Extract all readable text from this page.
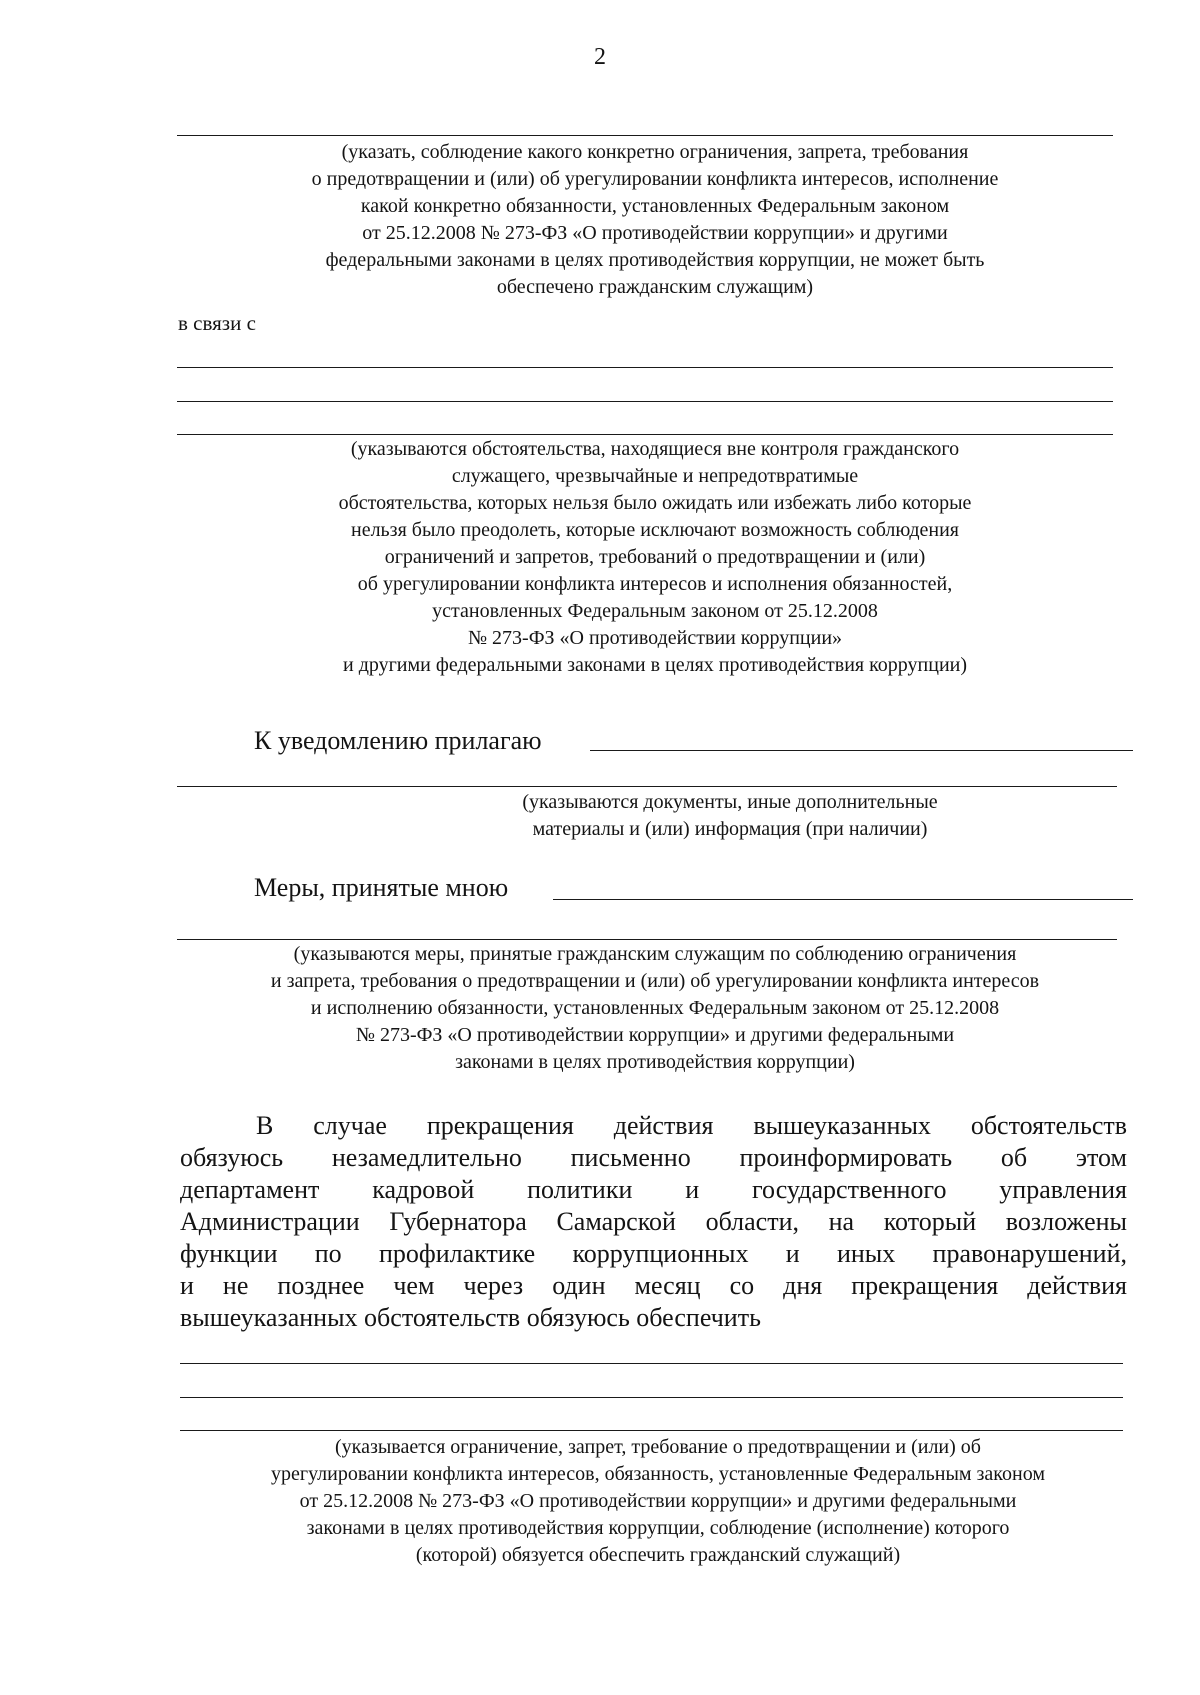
2
(указать, соблюдение какого конкретно ограничения, запрета, требования
о предотвращении и (или) об урегулировании конфликта интересов, исполнение
какой конкретно обязанности, установленных Федеральным законом
от 25.12.2008 № 273-ФЗ «О противодействии коррупции» и другими
федеральными законами в целях противодействия коррупции, не может быть
обеспечено гражданским служащим)
в связи с
(указываются обстоятельства, находящиеся вне контроля гражданского
служащего, чрезвычайные и непредотвратимые
обстоятельства, которых нельзя было ожидать или избежать либо которые
нельзя было преодолеть, которые исключают возможность соблюдения
ограничений и запретов, требований о предотвращении и (или)
об урегулировании конфликта интересов и исполнения обязанностей,
установленных Федеральным законом от 25.12.2008
№ 273-ФЗ «О противодействии коррупции»
и другими федеральными законами в целях противодействия коррупции)
К уведомлению прилагаю
(указываются документы, иные дополнительные
материалы и (или) информация (при наличии)
Меры, принятые мною
(указываются меры, принятые гражданским служащим по соблюдению ограничения
и запрета, требования о предотвращении и (или) об урегулировании конфликта интересов
и исполнению обязанности, установленных Федеральным законом от 25.12.2008
№ 273-ФЗ «О противодействии коррупции» и другими федеральными
законами в целях противодействия коррупции)
В случае прекращения действия вышеуказанных обстоятельств
обязуюсь незамедлительно письменно проинформировать об этом
департамент кадровой политики и государственного управления
Администрации Губернатора Самарской области, на который возложены
функции по профилактике коррупционных и иных правонарушений,
и не позднее чем через один месяц со дня прекращения действия
вышеуказанных обстоятельств обязуюсь обеспечить
(указывается ограничение, запрет, требование о предотвращении и (или) об
урегулировании конфликта интересов, обязанность, установленные Федеральным законом
от 25.12.2008 № 273-ФЗ «О противодействии коррупции» и другими федеральными
законами в целях противодействия коррупции, соблюдение (исполнение) которого
(которой) обязуется обеспечить гражданский служащий)
